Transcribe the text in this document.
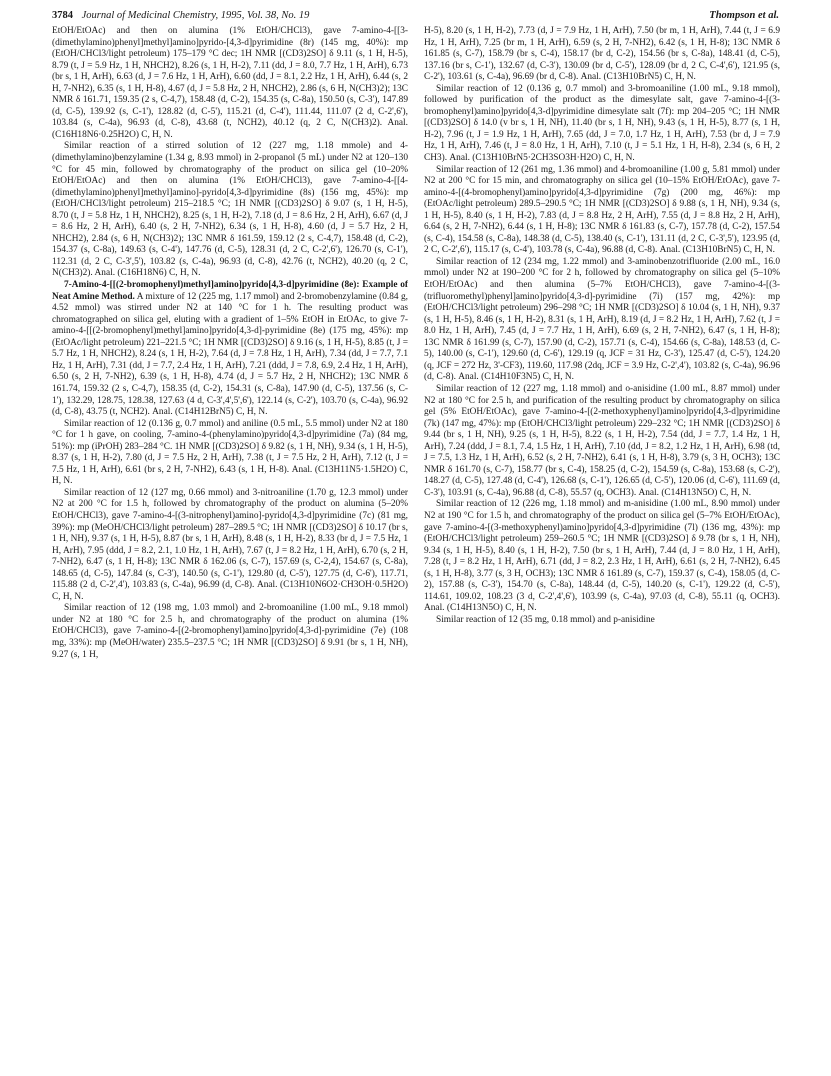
3784 Journal of Medicinal Chemistry, 1995, Vol. 38, No. 19	Thompson et al.

EtOH/EtOAc) and then on alumina (1% EtOH/CHCl3), gave 7-amino-4-[[3-(dimethylamino)phenyl]methyl]amino]pyrido-[4,3-d]pyrimidine (8r) (145 mg, 40%): mp (EtOH/CHCl3/light petroleum) 175–179 °C dec; 1H NMR [(CD3)2SO] δ 9.11 (s, 1 H, H-5), 8.79 (t, J = 5.9 Hz, 1 H, NHCH2), 8.26 (s, 1 H, H-2), 7.11 (dd, J = 8.0, 7.7 Hz, 1 H, ArH), 6.73 (br s, 1 H, ArH), 6.63 (d, J = 7.6 Hz, 1 H, ArH), 6.60 (dd, J = 8.1, 2.2 Hz, 1 H, ArH), 6.44 (s, 2 H, 7-NH2), 6.35 (s, 1 H, H-8), 4.67 (d, J = 5.8 Hz, 2 H, NHCH2), 2.86 (s, 6 H, N(CH3)2); 13C NMR δ 161.71, 159.35 (2 s, C-4,7), 158.48 (d, C-2), 154.35 (s, C-8a), 150.50 (s, C-3'), 147.89 (d, C-5), 139.92 (s, C-1'), 128.82 (d, C-5'), 115.21 (d, C-4'), 111.44, 111.07 (2 d, C-2',6'), 103.84 (s, C-4a), 96.93 (d, C-8), 43.68 (t, NCH2), 40.12 (q, 2 C, N(CH3)2). Anal. (C16H18N6·0.25H2O) C, H, N.

Similar reaction of a stirred solution of 12 (227 mg, 1.18 mmole) and 4-(dimethylamino)benzylamine (1.34 g, 8.93 mmol) in 2-propanol (5 mL) under N2 at 120–130 °C for 45 min, followed by chromatography of the product on silica gel (10–20% EtOH/EtOAc) and then on alumina (1% EtOH/CHCl3), gave 7-amino-4-[[4-(dimethylamino)phenyl]methyl]amino]-pyrido[4,3-d]pyrimidine (8s) (156 mg, 45%): mp (EtOH/CHCl3/light petroleum) 215–218.5 °C; 1H NMR [(CD3)2SO] δ 9.07 (s, 1 H, H-5), 8.70 (t, J = 5.8 Hz, 1 H, NHCH2), 8.25 (s, 1 H, H-2), 7.18 (d, J = 8.6 Hz, 2 H, ArH), 6.67 (d, J = 8.6 Hz, 2 H, ArH), 6.40 (s, 2 H, 7-NH2), 6.34 (s, 1 H, H-8), 4.60 (d, J = 5.7 Hz, 2 H, NHCH2), 2.84 (s, 6 H, N(CH3)2); 13C NMR δ 161.59, 159.12 (2 s, C-4,7), 158.48 (d, C-2), 154.37 (s, C-8a), 149.63 (s, C-4'), 147.76 (d, C-5), 128.31 (d, 2 C, C-2',6'), 126.70 (s, C-1'), 112.31 (d, 2 C, C-3',5'), 103.82 (s, C-4a), 96.93 (d, C-8), 42.76 (t, NCH2), 40.20 (q, 2 C, N(CH3)2). Anal. (C16H18N6) C, H, N.

7-Amino-4-[[(2-bromophenyl)methyl]amino]pyrido[4,3-d]pyrimidine (8e): Example of Neat Amine Method. A mixture of 12 (225 mg, 1.17 mmol) and 2-bromobenzylamine (0.84 g, 4.52 mmol) was stirred under N2 at 140 °C for 1 h. The resulting product was chromatographed on silica gel, eluting with a gradient of 1–5% EtOH in EtOAc, to give 7-amino-4-[[(2-bromophenyl)methyl]amino]pyrido[4,3-d]-pyrimidine (8e) (175 mg, 45%): mp (EtOAc/light petroleum) 221–221.5 °C; 1H NMR [(CD3)2SO] δ 9.16 (s, 1 H, H-5), 8.85 (t, J = 5.7 Hz, 1 H, NHCH2), 8.24 (s, 1 H, H-2), 7.64 (d, J = 7.8 Hz, 1 H, ArH), 7.34 (dd, J = 7.7, 7.1 Hz, 1 H, ArH), 7.31 (dd, J = 7.7, 2.4 Hz, 1 H, ArH), 7.21 (ddd, J = 7.8, 6.9, 2.4 Hz, 1 H, ArH), 6.50 (s, 2 H, 7-NH2), 6.39 (s, 1 H, H-8), 4.74 (d, J = 5.7 Hz, 2 H, NHCH2); 13C NMR δ 161.74, 159.32 (2 s, C-4,7), 158.35 (d, C-2), 154.31 (s, C-8a), 147.90 (d, C-5), 137.56 (s, C-1'), 132.29, 128.75, 128.38, 127.63 (4 d, C-3',4',5',6'), 122.14 (s, C-2'), 103.70 (s, C-4a), 96.92 (d, C-8), 43.75 (t, NCH2). Anal. (C14H12BrN5) C, H, N.

Similar reaction of 12 (0.136 g, 0.7 mmol) and aniline (0.5 mL, 5.5 mmol) under N2 at 180 °C for 1 h gave, on cooling, 7-amino-4-(phenylamino)pyrido[4,3-d]pyrimidine (7a) (84 mg, 51%): mp (iPrOH) 283–284 °C. 1H NMR [(CD3)2SO] δ 9.82 (s, 1 H, NH), 9.34 (s, 1 H, H-5), 8.37 (s, 1 H, H-2), 7.80 (d, J = 7.5 Hz, 2 H, ArH), 7.38 (t, J = 7.5 Hz, 2 H, ArH), 7.12 (t, J = 7.5 Hz, 1 H, ArH), 6.61 (br s, 2 H, 7-NH2), 6.43 (s, 1 H, H-8). Anal. (C13H11N5·1.5H2O) C, H, N.

Similar reaction of 12 (127 mg, 0.66 mmol) and 3-nitroaniline (1.70 g, 12.3 mmol) under N2 at 200 °C for 1.5 h, followed by chromatography of the product on alumina (5–20% EtOH/CHCl3), gave 7-amino-4-[(3-nitrophenyl)amino]-pyrido[4,3-d]pyrimidine (7c) (81 mg, 39%): mp (MeOH/CHCl3/light petroleum) 287–289.5 °C; 1H NMR [(CD3)2SO] δ 10.17 (br s, 1 H, NH), 9.37 (s, 1 H, H-5), 8.87 (br s, 1 H, ArH), 8.48 (s, 1 H, H-2), 8.33 (br d, J = 7.5 Hz, 1 H, ArH), 7.95 (ddd, J = 8.2, 2.1, 1.0 Hz, 1 H, ArH), 7.67 (t, J = 8.2 Hz, 1 H, ArH), 6.70 (s, 2 H, 7-NH2), 6.47 (s, 1 H, H-8); 13C NMR δ 162.06 (s, C-7), 157.69 (s, C-2,4), 154.67 (s, C-8a), 148.65 (d, C-5), 147.84 (s, C-3'), 140.50 (s, C-1'), 129.80 (d, C-5'), 127.75 (d, C-6'), 117.71, 115.88 (2 d, C-2',4'), 103.83 (s, C-4a), 96.99 (d, C-8). Anal. (C13H10N6O2·CH3OH·0.5H2O) C, H, N.

Similar reaction of 12 (198 mg, 1.03 mmol) and 2-bromoaniline (1.00 mL, 9.18 mmol) under N2 at 180 °C for 2.5 h, and chromatography of the product on alumina (1% EtOH/CHCl3), gave 7-amino-4-[(2-bromophenyl)amino]pyrido[4,3-d]-pyrimidine (7e) (108 mg, 33%): mp (MeOH/water) 235.5–237.5 °C; 1H NMR [(CD3)2SO] δ 9.91 (br s, 1 H, NH), 9.27 (s, 1 H,

H-5), 8.20 (s, 1 H, H-2), 7.73 (d, J = 7.9 Hz, 1 H, ArH), 7.50 (br m, 1 H, ArH), 7.44 (t, J = 6.9 Hz, 1 H, ArH), 7.25 (br m, 1 H, ArH), 6.59 (s, 2 H, 7-NH2), 6.42 (s, 1 H, H-8); 13C NMR δ 161.85 (s, C-7), 158.79 (br s, C-4), 158.17 (br d, C-2), 154.56 (br s, C-8a), 148.41 (d, C-5), 137.16 (br s, C-1'), 132.67 (d, C-3'), 130.09 (br d, C-5'), 128.09 (br d, 2 C, C-4',6'), 121.95 (s, C-2'), 103.61 (s, C-4a), 96.69 (br d, C-8). Anal. (C13H10BrN5) C, H, N.

Similar reaction of 12 (0.136 g, 0.7 mmol) and 3-bromoaniline (1.00 mL, 9.18 mmol), followed by purification of the product as the dimesylate salt, gave 7-amino-4-[(3-bromophenyl)amino]pyrido[4,3-d]pyrimidine dimesylate salt (7f): mp 204–205 °C; 1H NMR [(CD3)2SO] δ 14.0 (v br s, 1 H, NH), 11.40 (br s, 1 H, NH), 9.43 (s, 1 H, H-5), 8.77 (s, 1 H, H-2), 7.96 (t, J = 1.9 Hz, 1 H, ArH), 7.65 (dd, J = 7.0, 1.7 Hz, 1 H, ArH), 7.53 (br d, J = 7.9 Hz, 1 H, ArH), 7.46 (t, J = 8.0 Hz, 1 H, ArH), 7.10 (t, J = 5.1 Hz, 1 H, H-8), 2.34 (s, 6 H, 2 CH3). Anal. (C13H10BrN5·2CH3SO3H·H2O) C, H, N.

Similar reaction of 12 (261 mg, 1.36 mmol) and 4-bromoaniline (1.00 g, 5.81 mmol) under N2 at 200 °C for 15 min, and chromatography on silica gel (10–15% EtOH/EtOAc), gave 7-amino-4-[(4-bromophenyl)amino]pyrido[4,3-d]pyrimidine (7g) (200 mg, 46%): mp (EtOAc/light petroleum) 289.5–290.5 °C; 1H NMR [(CD3)2SO] δ 9.88 (s, 1 H, NH), 9.34 (s, 1 H, H-5), 8.40 (s, 1 H, H-2), 7.83 (d, J = 8.8 Hz, 2 H, ArH), 7.55 (d, J = 8.8 Hz, 2 H, ArH), 6.64 (s, 2 H, 7-NH2), 6.44 (s, 1 H, H-8); 13C NMR δ 161.83 (s, C-7), 157.78 (d, C-2), 157.54 (s, C-4), 154.58 (s, C-8a), 148.38 (d, C-5), 138.40 (s, C-1'), 131.11 (d, 2 C, C-3',5'), 123.95 (d, 2 C, C-2',6'), 115.17 (s, C-4'), 103.78 (s, C-4a), 96.88 (d, C-8). Anal. (C13H10BrN5) C, H, N.

Similar reaction of 12 (234 mg, 1.22 mmol) and 3-aminobenzotrifluoride (2.00 mL, 16.0 mmol) under N2 at 190–200 °C for 2 h, followed by chromatography on silica gel (5–10% EtOH/EtOAc) and then alumina (5–7% EtOH/CHCl3), gave 7-amino-4-[(3-(trifluoromethyl)phenyl]amino]pyrido[4,3-d]-pyrimidine (7i) (157 mg, 42%): mp (EtOH/CHCl3/light petroleum) 296–298 °C; 1H NMR [(CD3)2SO] δ 10.04 (s, 1 H, NH), 9.37 (s, 1 H, H-5), 8.46 (s, 1 H, H-2), 8.31 (s, 1 H, ArH), 8.19 (d, J = 8.2 Hz, 1 H, ArH), 7.62 (t, J = 8.0 Hz, 1 H, ArH), 7.45 (d, J = 7.7 Hz, 1 H, ArH), 6.69 (s, 2 H, 7-NH2), 6.47 (s, 1 H, H-8); 13C NMR δ 161.99 (s, C-7), 157.90 (d, C-2), 157.71 (s, C-4), 154.66 (s, C-8a), 148.53 (d, C-5), 140.00 (s, C-1'), 129.60 (d, C-6'), 129.19 (q, JCF = 31 Hz, C-3'), 125.47 (d, C-5'), 124.20 (q, JCF = 272 Hz, 3'-CF3), 119.60, 117.98 (2dq, JCF = 3.9 Hz, C-2',4'), 103.82 (s, C-4a), 96.96 (d, C-8). Anal. (C14H10F3N5) C, H, N.

Similar reaction of 12 (227 mg, 1.18 mmol) and o-anisidine (1.00 mL, 8.87 mmol) under N2 at 180 °C for 2.5 h, and purification of the resulting product by chromatography on silica gel (5% EtOH/EtOAc), gave 7-amino-4-[(2-methoxyphenyl)amino]pyrido[4,3-d]pyrimidine (7k) (147 mg, 47%): mp (EtOH/CHCl3/light petroleum) 229–232 °C; 1H NMR [(CD3)2SO] δ 9.44 (br s, 1 H, NH), 9.25 (s, 1 H, H-5), 8.22 (s, 1 H, H-2), 7.54 (dd, J = 7.7, 1.4 Hz, 1 H, ArH), 7.24 (ddd, J = 8.1, 7.4, 1.5 Hz, 1 H, ArH), 7.10 (dd, J = 8.2, 1.2 Hz, 1 H, ArH), 6.98 (td, J = 7.5, 1.3 Hz, 1 H, ArH), 6.52 (s, 2 H, 7-NH2), 6.41 (s, 1 H, H-8), 3.79 (s, 3 H, OCH3); 13C NMR δ 161.70 (s, C-7), 158.77 (br s, C-4), 158.25 (d, C-2), 154.59 (s, C-8a), 153.68 (s, C-2'), 148.27 (d, C-5), 127.48 (d, C-4'), 126.68 (s, C-1'), 126.65 (d, C-5'), 120.06 (d, C-6'), 111.69 (d, C-3'), 103.91 (s, C-4a), 96.88 (d, C-8), 55.57 (q, OCH3). Anal. (C14H13N5O) C, H, N.

Similar reaction of 12 (226 mg, 1.18 mmol) and m-anisidine (1.00 mL, 8.90 mmol) under N2 at 190 °C for 1.5 h, and chromatography of the product on silica gel (5–7% EtOH/EtOAc), gave 7-amino-4-[(3-methoxyphenyl)amino]pyrido[4,3-d]pyrimidine (7l) (136 mg, 43%): mp (EtOH/CHCl3/light petroleum) 259–260.5 °C; 1H NMR [(CD3)2SO] δ 9.78 (br s, 1 H, NH), 9.34 (s, 1 H, H-5), 8.40 (s, 1 H, H-2), 7.50 (br s, 1 H, ArH), 7.44 (d, J = 8.0 Hz, 1 H, ArH), 7.28 (t, J = 8.2 Hz, 1 H, ArH), 6.71 (dd, J = 8.2, 2.3 Hz, 1 H, ArH), 6.61 (s, 2 H, 7-NH2), 6.45 (s, 1 H, H-8), 3.77 (s, 3 H, OCH3); 13C NMR δ 161.89 (s, C-7), 159.37 (s, C-4), 158.05 (d, C-2), 157.88 (s, C-3'), 154.70 (s, C-8a), 148.44 (d, C-5), 140.20 (s, C-1'), 129.22 (d, C-5'), 114.61, 109.02, 108.23 (3 d, C-2',4',6'), 103.99 (s, C-4a), 97.03 (d, C-8), 55.11 (q, OCH3). Anal. (C14H13N5O) C, H, N.

Similar reaction of 12 (35 mg, 0.18 mmol) and p-anisidine
